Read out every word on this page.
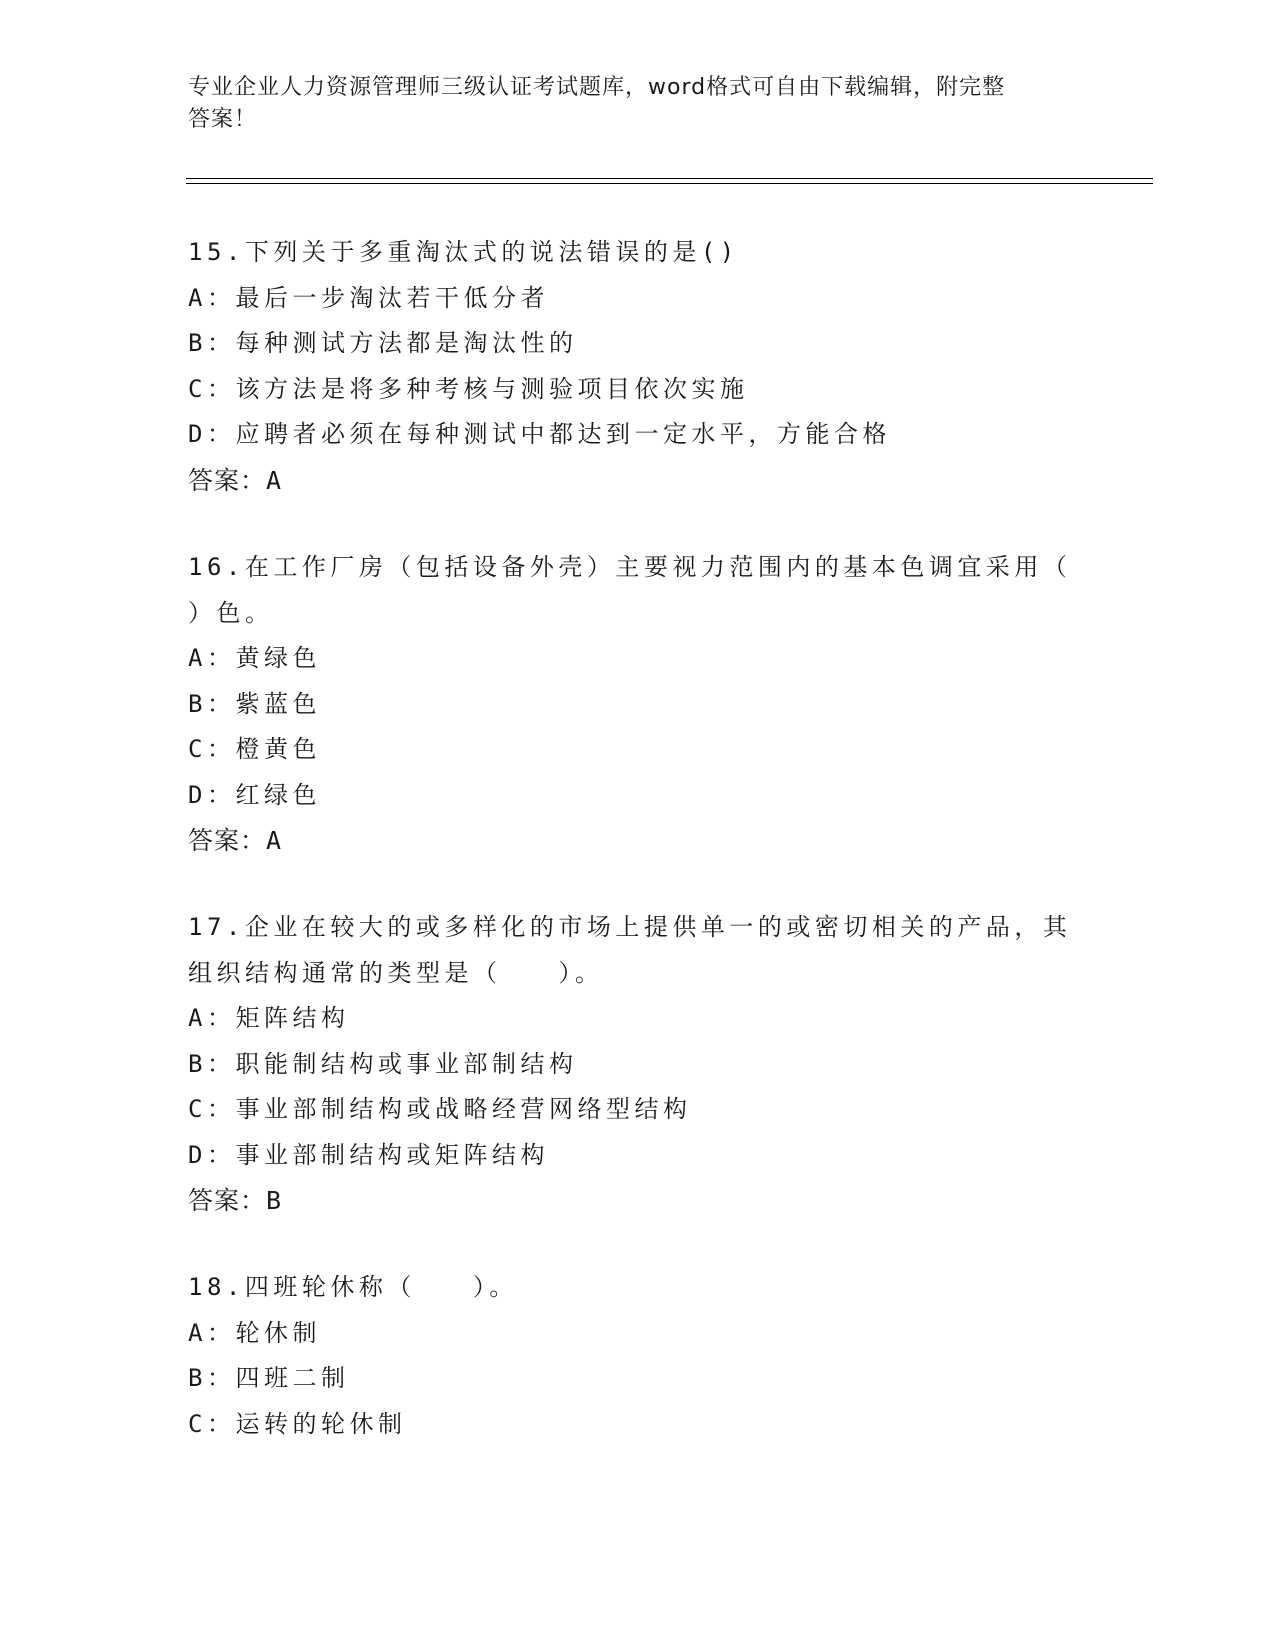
专业企业人力资源管理师三级认证考试题库，word格式可自由下载编辑，附完整
答案！
15.下列关于多重淘汰式的说法错误的是()
A：最后一步淘汰若干低分者
B：每种测试方法都是淘汰性的
C：该方法是将多种考核与测验项目依次实施
D：应聘者必须在每种测试中都达到一定水平，方能合格
答案：A
16.在工作厂房（包括设备外壳）主要视力范围内的基本色调宜采用（
）色。
A：黄绿色
B：紫蓝色
C：橙黄色
D：红绿色
答案：A
17.企业在较大的或多样化的市场上提供单一的或密切相关的产品，其
组织结构通常的类型是（　　）。
A：矩阵结构
B：职能制结构或事业部制结构
C：事业部制结构或战略经营网络型结构
D：事业部制结构或矩阵结构
答案：B
18.四班轮休称（　　）。
A：轮休制
B：四班二制
C：运转的轮休制
